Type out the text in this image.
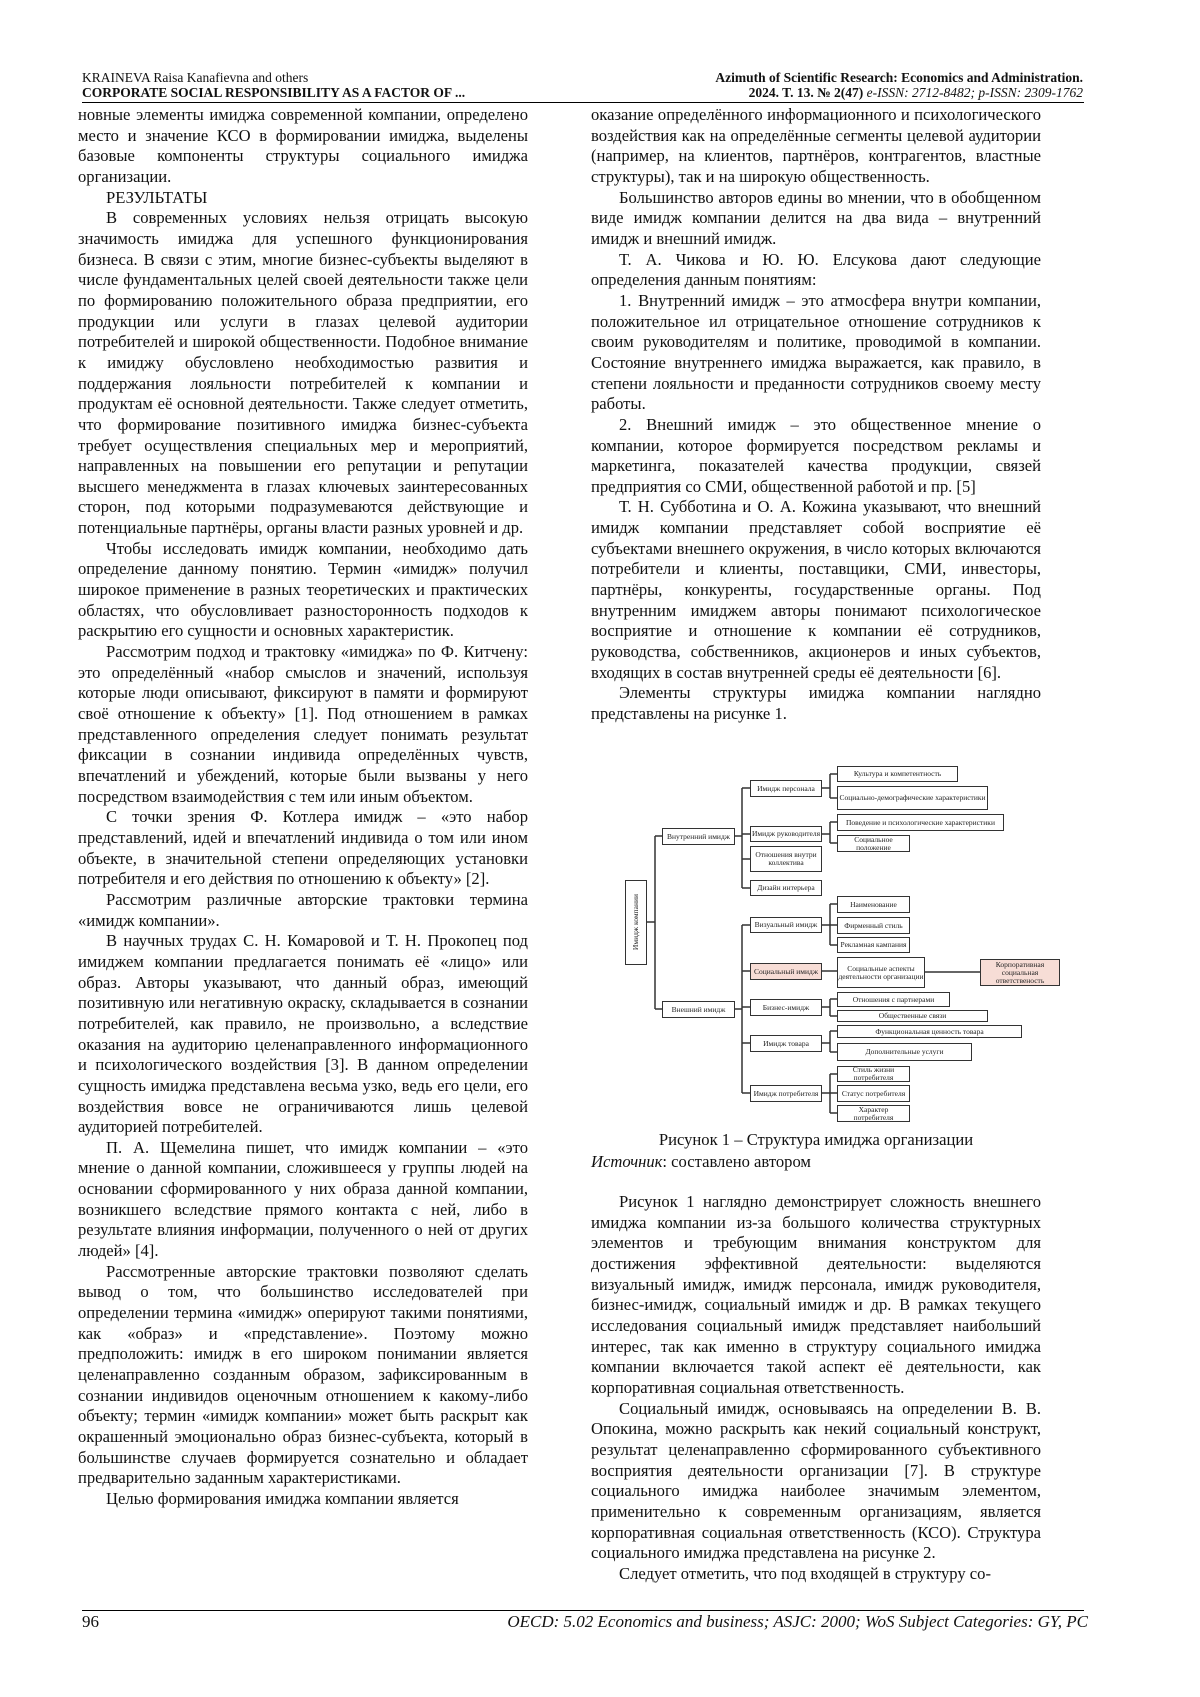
KRAINEVA Raisa Kanafievna and others
CORPORATE SOCIAL RESPONSIBILITY AS A FACTOR OF ...
Azimuth of Scientific Research: Economics and Administration.
2024. T. 13. № 2(47) e-ISSN: 2712-8482; p-ISSN: 2309-1762

новные элементы имиджа современной компании, определено место и значение КСО в формировании имиджа, выделены базовые компоненты структуры социального имиджа организации.

РЕЗУЛЬТАТЫ

В современных условиях нельзя отрицать высокую значимость имиджа для успешного функционирования бизнеса. В связи с этим, многие бизнес-субъекты выделяют в числе фундаментальных целей своей деятельности также цели по формированию положительного образа предприятии, его продукции или услуги в глазах целевой аудитории потребителей и широкой общественности. Подобное внимание к имиджу обусловлено необходимостью развития и поддержания лояльности потребителей к компании и продуктам её основной деятельности. Также следует отметить, что формирование позитивного имиджа бизнес-субъекта требует осуществления специальных мер и мероприятий, направленных на повышении его репутации и репутации высшего менеджмента в глазах ключевых заинтересованных сторон, под которыми подразумеваются действующие и потенциальные партнёры, органы власти разных уровней и др.

Чтобы исследовать имидж компании, необходимо дать определение данному понятию. Термин «имидж» получил широкое применение в разных теоретических и практических областях, что обусловливает разносторонность подходов к раскрытию его сущности и основных характеристик.

Рассмотрим подход и трактовку «имиджа» по Ф. Китчену: это определённый «набор смыслов и значений, используя которые люди описывают, фиксируют в памяти и формируют своё отношение к объекту» [1]. Под отношением в рамках представленного определения следует понимать результат фиксации в сознании индивида определённых чувств, впечатлений и убеждений, которые были вызваны у него посредством взаимодействия с тем или иным объектом.

С точки зрения Ф. Котлера имидж – «это набор представлений, идей и впечатлений индивида о том или ином объекте, в значительной степени определяющих установки потребителя и его действия по отношению к объекту» [2].

Рассмотрим различные авторские трактовки термина «имидж компании».

В научных трудах С. Н. Комаровой и Т. Н. Прокопец под имиджем компании предлагается понимать её «лицо» или образ. Авторы указывают, что данный образ, имеющий позитивную или негативную окраску, складывается в сознании потребителей, как правило, не произвольно, а вследствие оказания на аудиторию целенаправленного информационного и психологического воздействия [3]. В данном определении сущность имиджа представлена весьма узко, ведь его цели, его воздействия вовсе не ограничиваются лишь целевой аудиторией потребителей.

П. А. Щемелина пишет, что имидж компании – «это мнение о данной компании, сложившееся у группы людей на основании сформированного у них образа данной компании, возникшего вследствие прямого контакта с ней, либо в результате влияния информации, полученного о ней от других людей» [4].

Рассмотренные авторские трактовки позволяют сделать вывод о том, что большинство исследователей при определении термина «имидж» оперируют такими понятиями, как «образ» и «представление». Поэтому можно предположить: имидж в его широком понимании является целенаправленно созданным образом, зафиксированным в сознании индивидов оценочным отношением к какому-либо объекту; термин «имидж компании» может быть раскрыт как окрашенный эмоционально образ бизнес-субъекта, который в большинстве случаев формируется сознательно и обладает предварительно заданным характеристиками.

Целью формирования имиджа компании является

оказание определённого информационного и психологического воздействия как на определённые сегменты целевой аудитории (например, на клиентов, партнёров, контрагентов, властные структуры), так и на широкую общественность.

Большинство авторов едины во мнении, что в обобщенном виде имидж компании делится на два вида – внутренний имидж и внешний имидж.

Т. А. Чикова и Ю. Ю. Елсукова дают следующие определения данным понятиям:

1. Внутренний имидж – это атмосфера внутри компании, положительное ил отрицательное отношение сотрудников к своим руководителям и политике, проводимой в компании. Состояние внутреннего имиджа выражается, как правило, в степени лояльности и преданности сотрудников своему месту работы.

2. Внешний имидж – это общественное мнение о компании, которое формируется посредством рекламы и маркетинга, показателей качества продукции, связей предприятия со СМИ, общественной работой и пр. [5]

Т. Н. Субботина и О. А. Кожина указывают, что внешний имидж компании представляет собой восприятие её субъектами внешнего окружения, в число которых включаются потребители и клиенты, поставщики, СМИ, инвесторы, партнёры, конкуренты, государственные органы. Под внутренним имиджем авторы понимают психологическое восприятие и отношение к компании её сотрудников, руководства, собственников, акционеров и иных субъектов, входящих в состав внутренней среды её деятельности [6].

Элементы структуры имиджа компании наглядно представлены на рисунке 1.

Имидж компании
Внутренний имидж
Внешний имидж
Имидж персонала
Культура и компетентность
Социально-демографические характеристики
Имидж руководителя
Поведение и психологические характеристики
Социальное положение
Отношения внутри коллектива
Дизайн интерьера
Визуальный имидж
Наименование
Фирменный стиль
Рекламная кампания
Социальный имидж	Социальные аспекты деятельности организации
Корпоративная социальная ответственость
Бизнес-имидж
Отношения с партнерами
Общественные связи
Имидж товара
Функциональная ценность товара
Дополнительные услуги
Имидж потребителя
Стиль жизни потребителя
Статус потребителя
Характер потребителя
Рисунок 1 – Структура имиджа организации
Источник: составлено автором

Рисунок 1 наглядно демонстрирует сложность внешнего имиджа компании из-за большого количества структурных элементов и требующим внимания конструктом для достижения эффективной деятельности: выделяются визуальный имидж, имидж персонала, имидж руководителя, бизнес-имидж, социальный имидж и др. В рамках текущего исследования социальный имидж представляет наибольший интерес, так как именно в структуру социального имиджа компании включается такой аспект её деятельности, как корпоративная социальная ответственность.

Социальный имидж, основываясь на определении В. В. Опокина, можно раскрыть как некий социальный конструкт, результат целенаправленно сформированного субъективного восприятия деятельности организации [7]. В структуре социального имиджа наиболее значимым элементом, применительно к современным организациям, является корпоративная социальная ответственность (КСО). Структура социального имиджа представлена на рисунке 2.

Следует отметить, что под входящей в структуру со-

96	OECD: 5.02 Economics and business; ASJC: 2000; WoS Subject Categories: GY, PC
